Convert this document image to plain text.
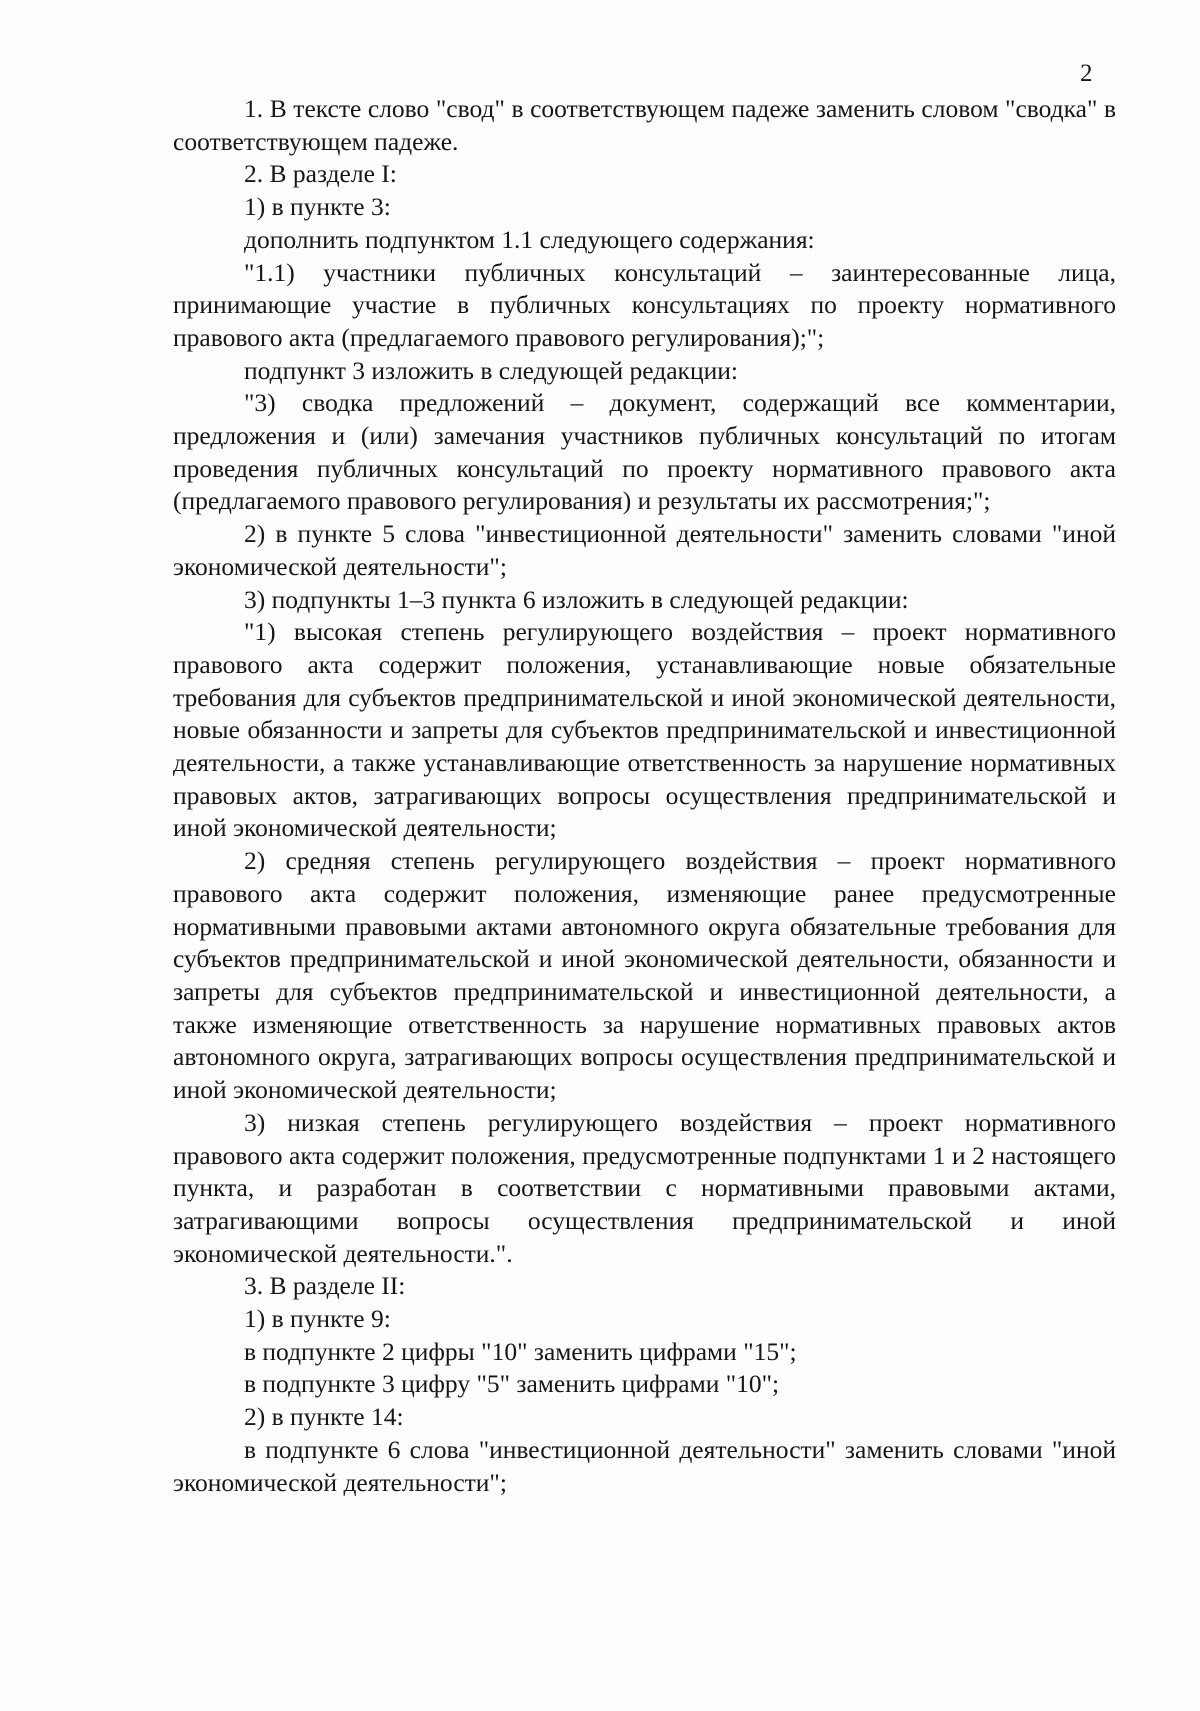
2

1. В тексте слово "свод" в соответствующем падеже заменить словом "сводка" в соответствующем падеже.

2. В разделе I:

1) в пункте 3:

дополнить подпунктом 1.1 следующего содержания:

"1.1) участники публичных консультаций – заинтересованные лица, принимающие участие в публичных консультациях по проекту нормативного правового акта (предлагаемого правового регулирования);";

подпункт 3 изложить в следующей редакции:

"3) сводка предложений – документ, содержащий все комментарии, предложения и (или) замечания участников публичных консультаций по итогам проведения публичных консультаций по проекту нормативного правового акта (предлагаемого правового регулирования) и результаты их рассмотрения;";

2) в пункте 5 слова "инвестиционной деятельности" заменить словами "иной экономической деятельности";

3) подпункты 1–3 пункта 6 изложить в следующей редакции:

"1) высокая степень регулирующего воздействия – проект нормативного правового акта содержит положения, устанавливающие новые обязательные требования для субъектов предпринимательской и иной экономической деятельности, новые обязанности и запреты для субъектов предпринимательской и инвестиционной деятельности, а также устанавливающие ответственность за нарушение нормативных правовых актов, затрагивающих вопросы осуществления предпринимательской и иной экономической деятельности;

2) средняя степень регулирующего воздействия – проект нормативного правового акта содержит положения, изменяющие ранее предусмотренные нормативными правовыми актами автономного округа обязательные требования для субъектов предпринимательской и иной экономической деятельности, обязанности и запреты для субъектов предпринимательской и инвестиционной деятельности, а также изменяющие ответственность за нарушение нормативных правовых актов автономного округа, затрагивающих вопросы осуществления предпринимательской и иной экономической деятельности;

3) низкая степень регулирующего воздействия – проект нормативного правового акта содержит положения, предусмотренные подпунктами 1 и 2 настоящего пункта, и разработан в соответствии с нормативными правовыми актами, затрагивающими вопросы осуществления предпринимательской и иной экономической деятельности.".

3. В разделе II:

1) в пункте 9:

в подпункте 2 цифры "10" заменить цифрами "15";

в подпункте 3 цифру "5" заменить цифрами "10";

2) в пункте 14:

в подпункте 6 слова "инвестиционной деятельности" заменить словами "иной экономической деятельности";
